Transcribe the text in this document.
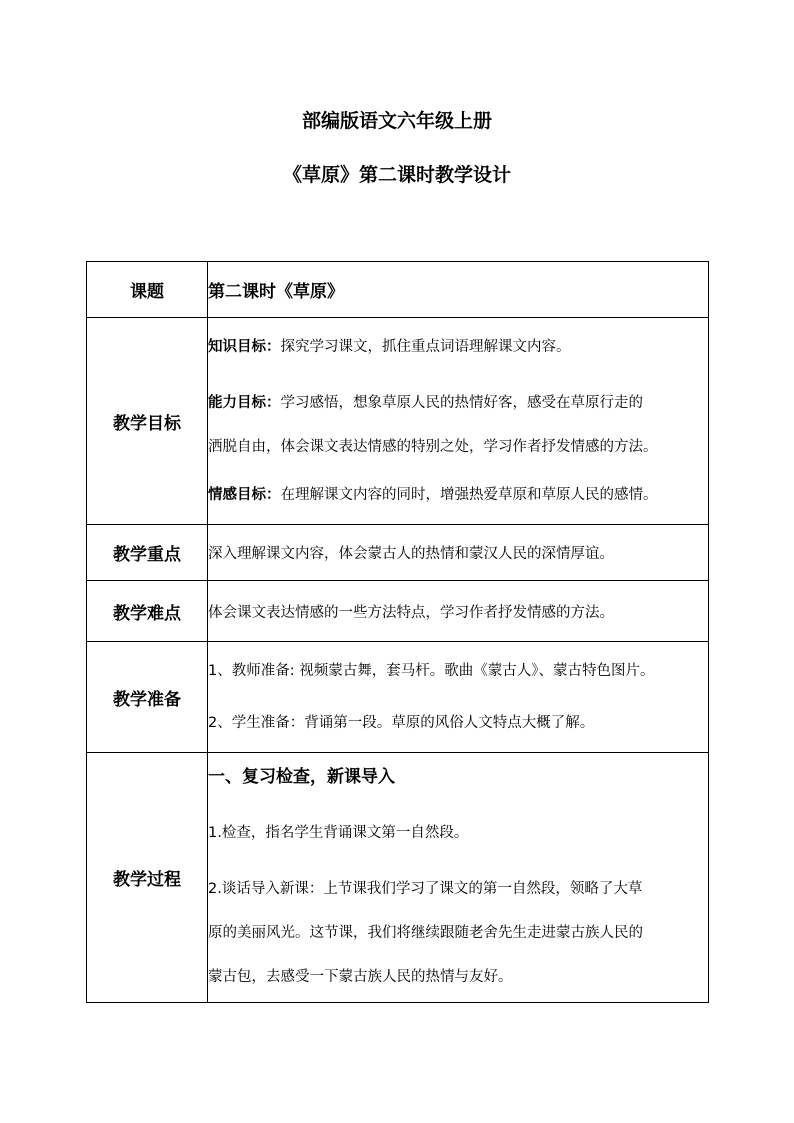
部编版语文六年级上册
《草原》第二课时教学设计
课题	第二课时《草原》
教学目标	知识目标：探究学习课文，抓住重点词语理解课文内容。
能力目标：学习感悟，想象草原人民的热情好客，感受在草原行走的
洒脱自由，体会课文表达情感的特别之处，学习作者抒发情感的方法。
情感目标：在理解课文内容的同时，增强热爱草原和草原人民的感情。

教学重点	深入理解课文内容，体会蒙古人的热情和蒙汉人民的深情厚谊。
教学难点	体会课文表达情感的一些方法特点，学习作者抒发情感的方法。
教学准备	1、教师准备: 视频蒙古舞，套马杆。歌曲《蒙古人》、蒙古特色图片。
2、学生准备：背诵第一段。草原的风俗人文特点大概了解。

教学过程	一、复习检查，新课导入
1.检查，指名学生背诵课文第一自然段。
2.谈话导入新课：上节课我们学习了课文的第一自然段，领略了大草
原的美丽风光。这节课，我们将继续跟随老舍先生走进蒙古族人民的
蒙古包，去感受一下蒙古族人民的热情与友好。
